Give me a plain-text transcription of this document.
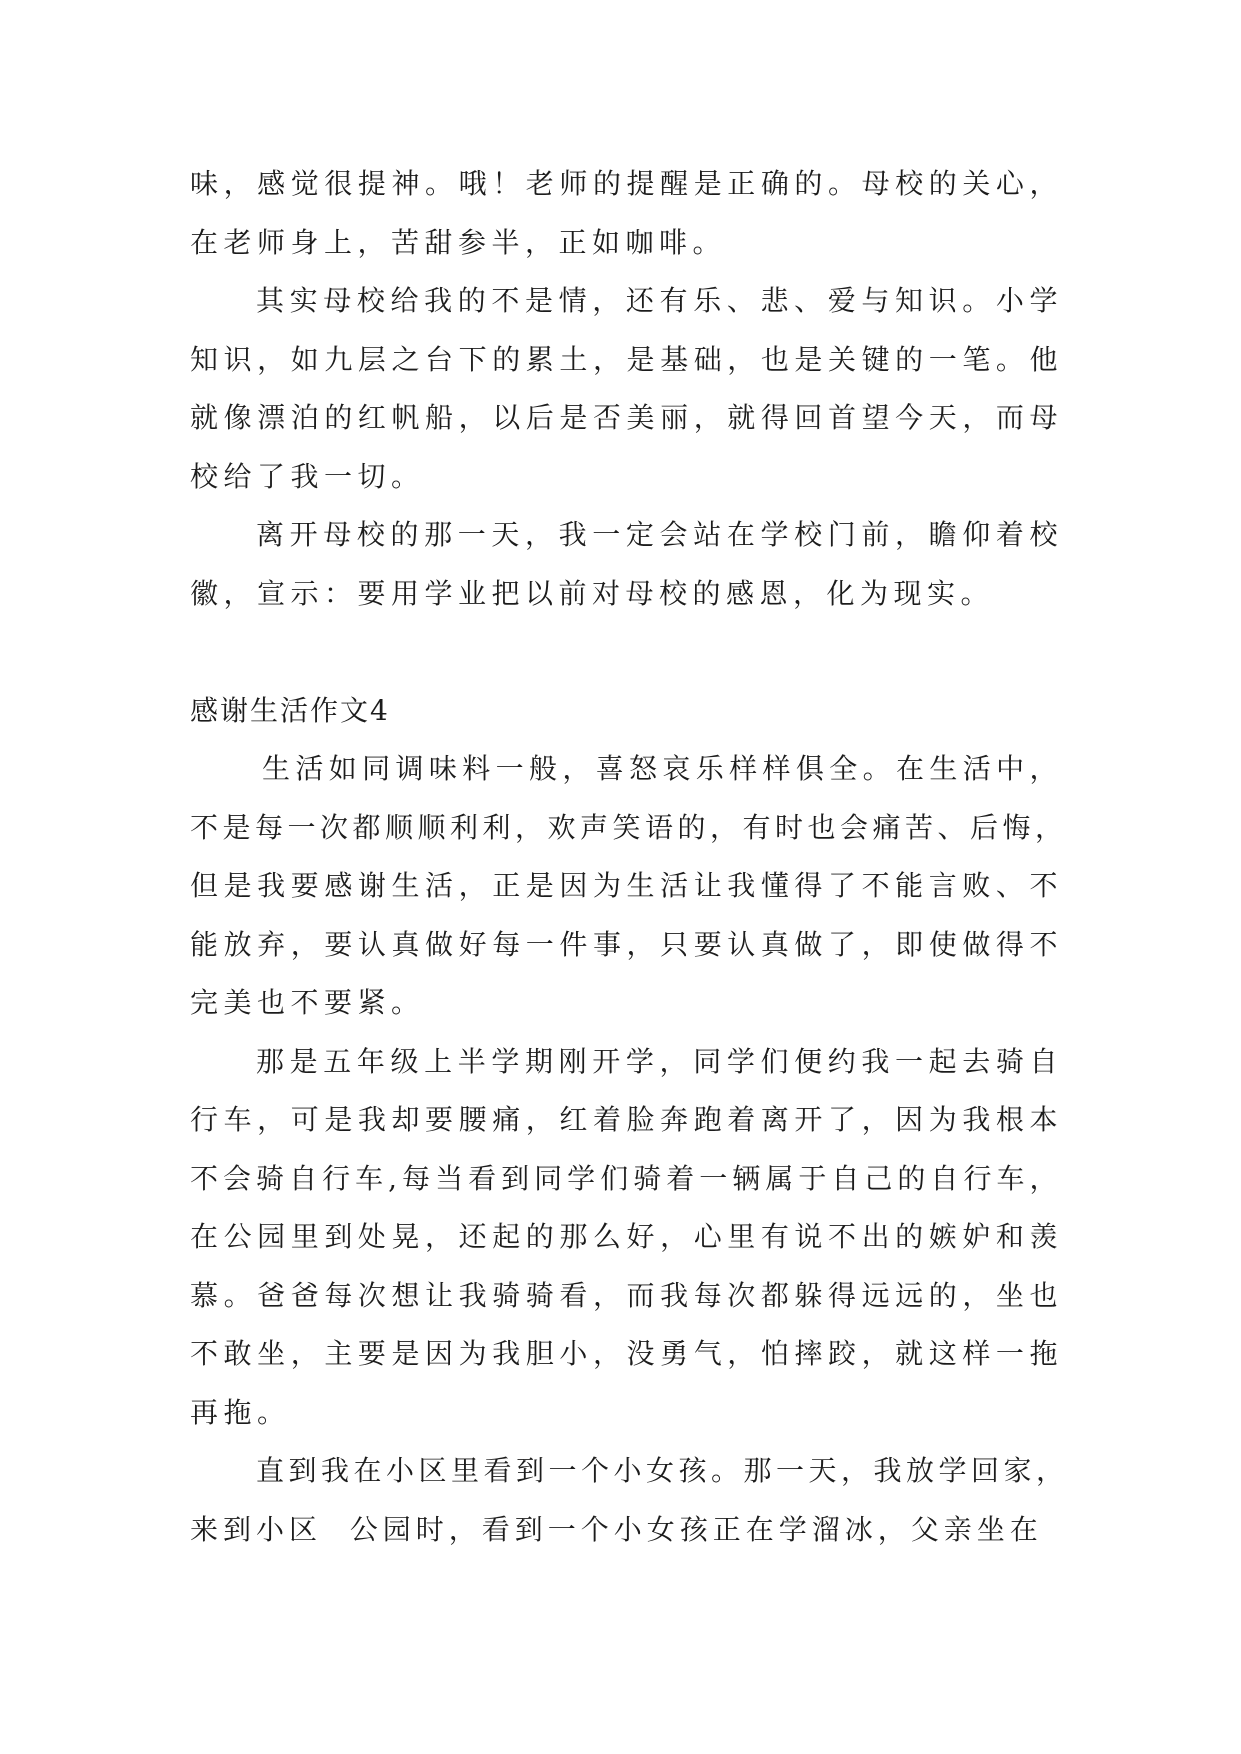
味，感觉很提神。哦！老师的提醒是正确的。母校的关心，
在老师身上，苦甜参半，正如咖啡。
其实母校给我的不是情，还有乐、悲、爱与知识。小学
知识，如九层之台下的累土，是基础，也是关键的一笔。他
就像漂泊的红帆船，以后是否美丽，就得回首望今天，而母
校给了我一切。
离开母校的那一天，我一定会站在学校门前，瞻仰着校
徽，宣示：要用学业把以前对母校的感恩，化为现实。
感谢生活作文4
生活如同调味料一般，喜怒哀乐样样俱全。在生活中，
不是每一次都顺顺利利，欢声笑语的，有时也会痛苦、后悔，
但是我要感谢生活，正是因为生活让我懂得了不能言败、不
能放弃，要认真做好每一件事，只要认真做了，即使做得不
完美也不要紧。
那是五年级上半学期刚开学，同学们便约我一起去骑自
行车，可是我却要腰痛，红着脸奔跑着离开了，因为我根本
不会骑自行车,每当看到同学们骑着一辆属于自己的自行车，
在公园里到处晃，还起的那么好，心里有说不出的嫉妒和羡
慕。爸爸每次想让我骑骑看，而我每次都躲得远远的，坐也
不敢坐，主要是因为我胆小，没勇气，怕摔跤，就这样一拖
再拖。
直到我在小区里看到一个小女孩。那一天，我放学回家，
来到小区  公园时，看到一个小女孩正在学溜冰，父亲坐在
